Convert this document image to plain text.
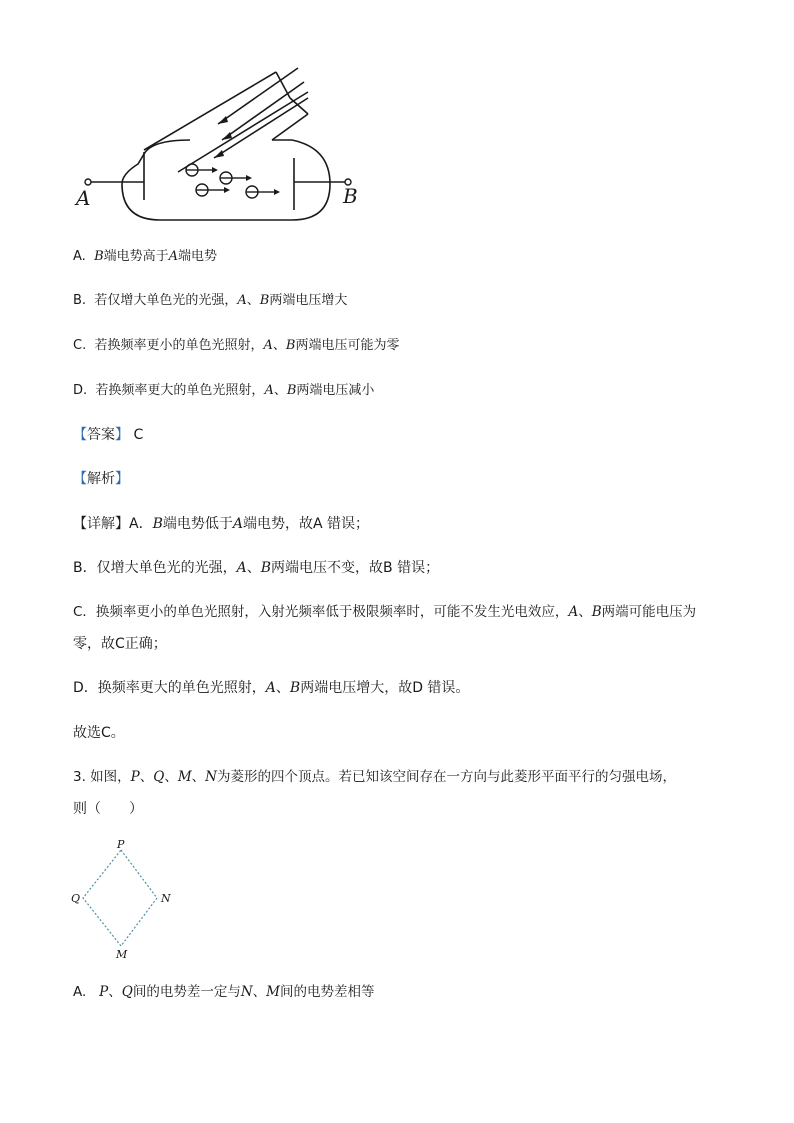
A	B
A. B端电势高于A端电势
B. 若仅增大单色光的光强，A、B两端电压增大
C. 若换频率更小的单色光照射，A、B两端电压可能为零
D. 若换频率更大的单色光照射，A、B两端电压减小
【答案】 C
【解析】
【详解】A．B端电势低于A端电势，故A 错误；
B．仅增大单色光的光强，A、B两端电压不变，故B 错误；
C．换频率更小的单色光照射，入射光频率低于极限频率时，可能不发生光电效应，A、B两端可能电压为
零，故C正确；
D．换频率更大的单色光照射，A、B两端电压增大，故D 错误。
故选C。
3. 如图，P、Q、M、N为菱形的四个顶点。若已知该空间存在一方向与此菱形平面平行的匀强电场，
则（　　）
P
Q	N
M
A. P、Q间的电势差一定与N、M间的电势差相等
